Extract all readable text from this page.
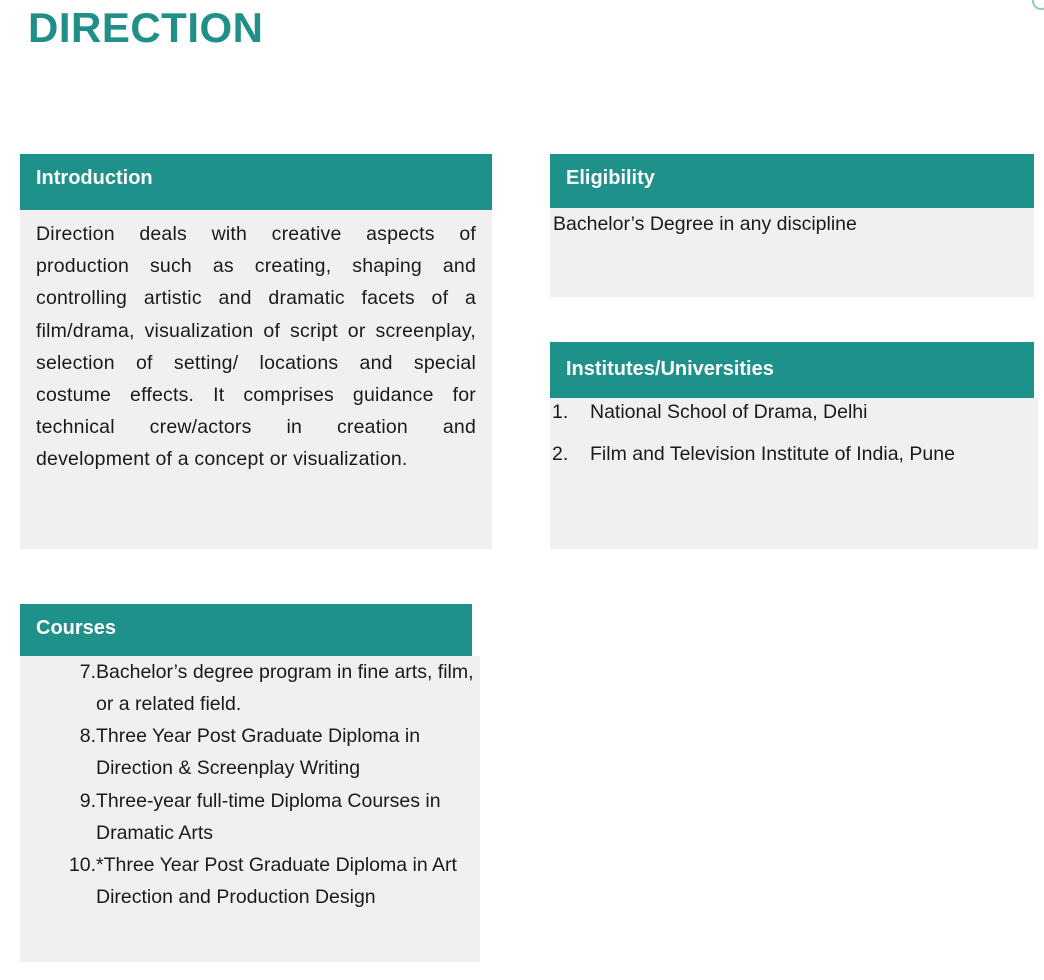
DIRECTION
Introduction

Direction deals with creative aspects of production such as creating, shaping and controlling artistic and dramatic facets of a film/drama, visualization of script or screenplay, selection of setting/ locations and special costume effects. It comprises guidance for technical crew/actors in creation and development of a concept or visualization.

Eligibility

Bachelor’s Degree in any discipline

Institutes/Universities
1. National School of Drama, Delhi
2. Film and Television Institute of India, Pune
Courses
7. Bachelor’s degree program in fine arts, film, or a related field.
8. Three Year Post Graduate Diploma in Direction & Screenplay Writing
9. Three-year full-time Diploma Courses in Dramatic Arts
10. *Three Year Post Graduate Diploma in Art Direction and Production Design
